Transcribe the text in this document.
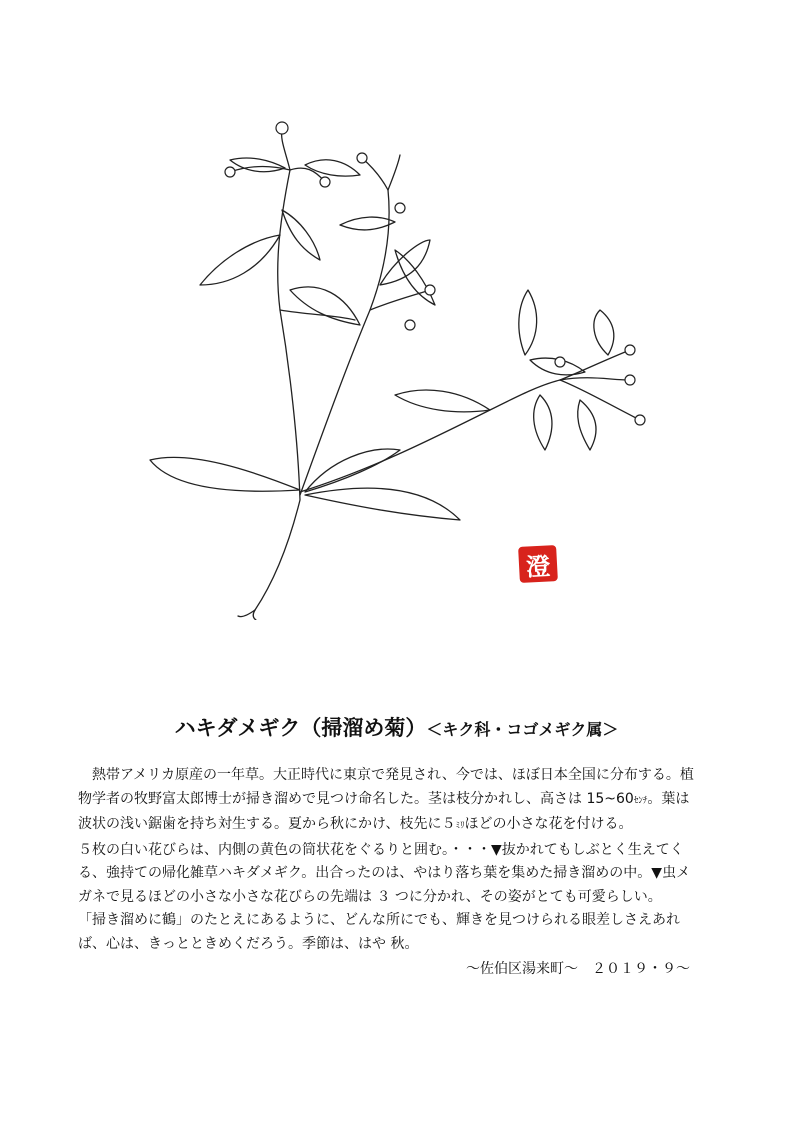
澄
ハキダメギク（掃溜め菊）＜キク科・コゴメギク属＞

　熱帯アメリカ原産の一年草。大正時代に東京で発見され、今では、ほぼ日本全国に分布する。植

物学者の牧野富太郎博士が掃き溜めで見つけ命名した。茎は枝分かれし、高さは 15~60ｾﾝﾁ。葉は

波状の浅い鋸歯を持ち対生する。夏から秋にかけ、枝先に５ﾐﾘほどの小さな花を付ける。

５枚の白い花びらは、内側の黄色の筒状花をぐるりと囲む。・・・▼抜かれてもしぶとく生えてく

る、強持ての帰化雑草ハキダメギク。出合ったのは、やはり落ち葉を集めた掃き溜めの中。▼虫メ

ガネで見るほどの小さな小さな花びらの先端は ３ つに分かれ、その姿がとても可愛らしい。

「掃き溜めに鶴」のたとえにあるように、どんな所にでも、輝きを見つけられる眼差しさえあれ

ば、心は、きっとときめくだろう。季節は、はや 秋。

～佐伯区湯来町～　２０１９・９～
